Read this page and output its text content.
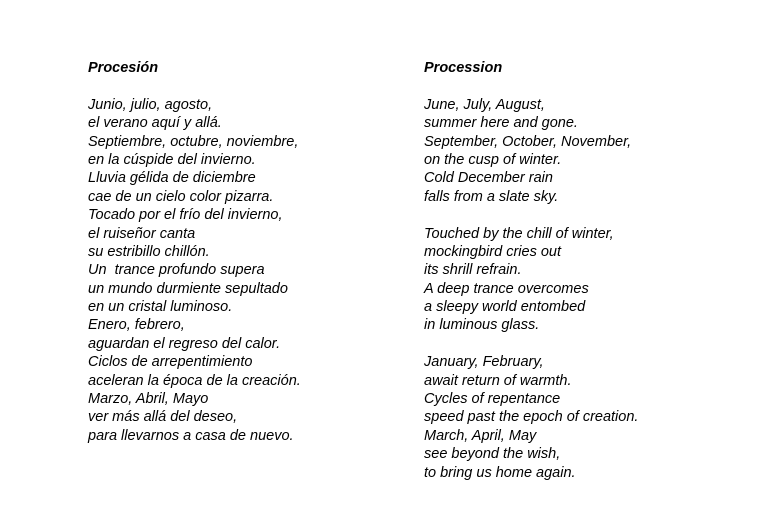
Procesión
Junio, julio, agosto,
el verano aquí y allá.
Septiembre, octubre, noviembre,
en la cúspide del invierno.
Lluvia gélida de diciembre
cae de un cielo color pizarra.
Tocado por el frío del invierno,
el ruiseñor canta
su estribillo chillón.
Un  trance profundo supera
un mundo durmiente sepultado
en un cristal luminoso.
Enero, febrero,
aguardan el regreso del calor.
Ciclos de arrepentimiento
aceleran la época de la creación.
Marzo, Abril, Mayo
ver más allá del deseo,
para llevarnos a casa de nuevo.
Procession
June, July, August,
summer here and gone.
September, October, November,
on the cusp of winter.
Cold December rain
falls from a slate sky.
Touched by the chill of winter,
mockingbird cries out
its shrill refrain.
A deep trance overcomes
a sleepy world entombed
in luminous glass.
January, February,
await return of warmth.
Cycles of repentance
speed past the epoch of creation.
March, April, May
see beyond the wish,
to bring us home again.
